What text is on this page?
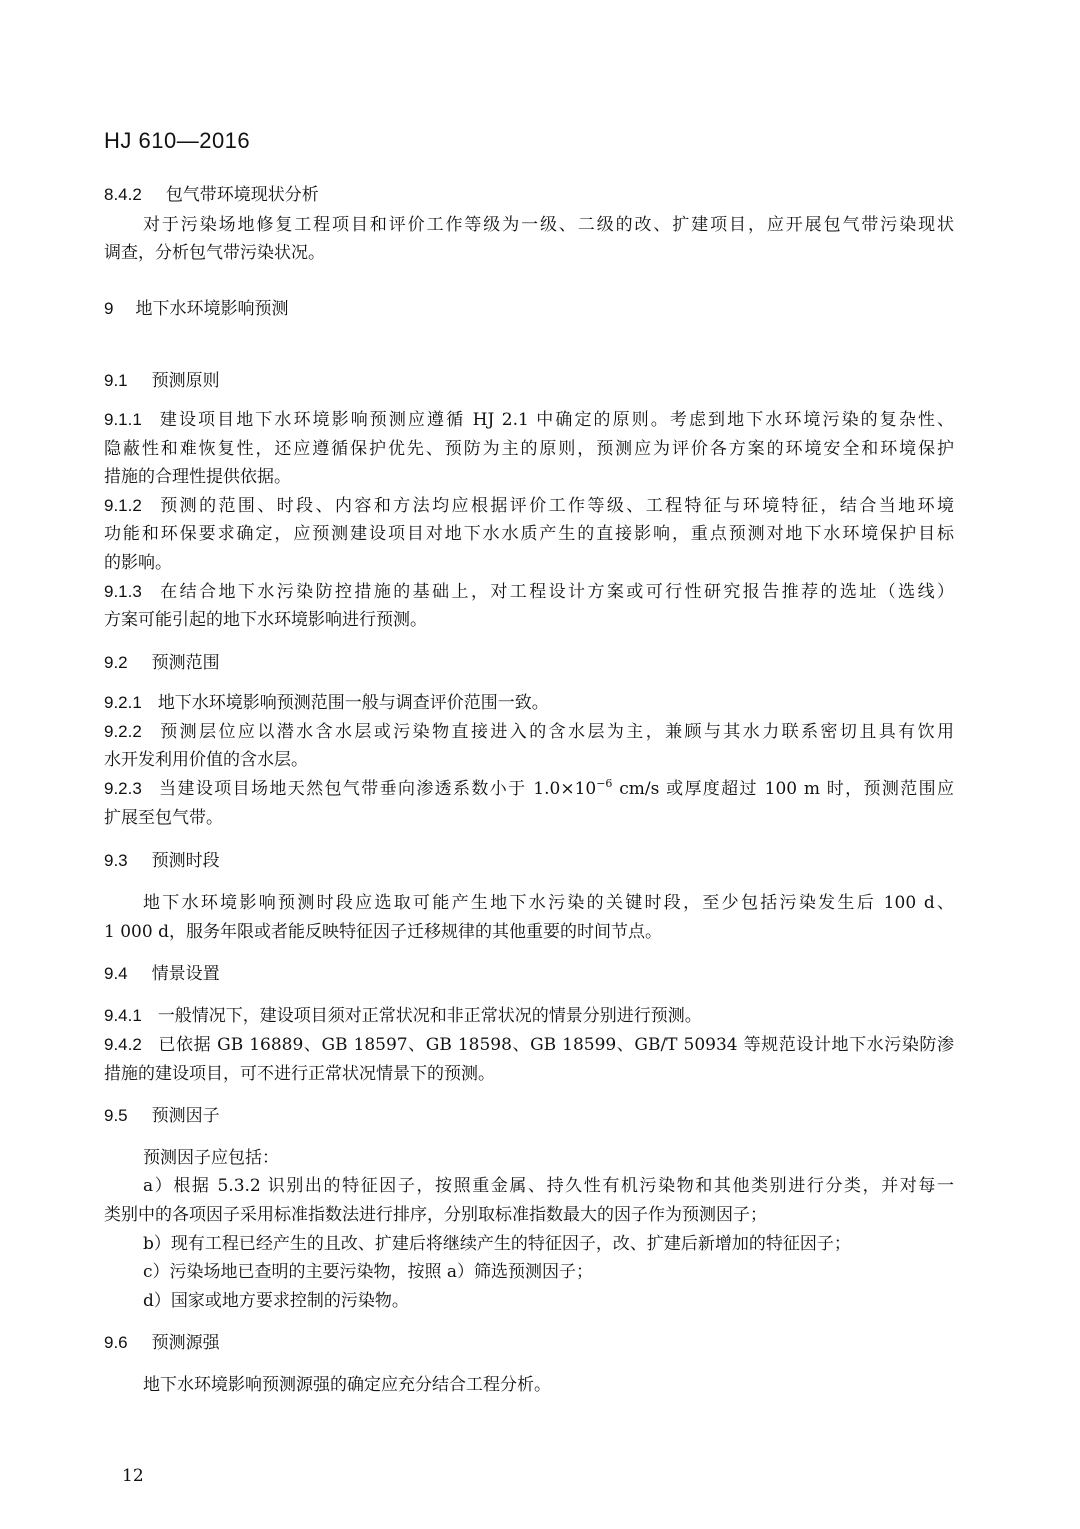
HJ 610—2016
8.4.2 包气带环境现状分析
对于污染场地修复工程项目和评价工作等级为一级、二级的改、扩建项目，应开展包气带污染现状
调查，分析包气带污染状况。
9 地下水环境影响预测
9.1 预测原则
9.1.1 建设项目地下水环境影响预测应遵循 HJ 2.1 中确定的原则。考虑到地下水环境污染的复杂性、
隐蔽性和难恢复性，还应遵循保护优先、预防为主的原则，预测应为评价各方案的环境安全和环境保护
措施的合理性提供依据。
9.1.2 预测的范围、时段、内容和方法均应根据评价工作等级、工程特征与环境特征，结合当地环境
功能和环保要求确定，应预测建设项目对地下水水质产生的直接影响，重点预测对地下水环境保护目标
的影响。
9.1.3 在结合地下水污染防控措施的基础上，对工程设计方案或可行性研究报告推荐的选址（选线）
方案可能引起的地下水环境影响进行预测。
9.2 预测范围
9.2.1 地下水环境影响预测范围一般与调查评价范围一致。
9.2.2 预测层位应以潜水含水层或污染物直接进入的含水层为主，兼顾与其水力联系密切且具有饮用
水开发利用价值的含水层。
9.2.3 当建设项目场地天然包气带垂向渗透系数小于 $1.0\times 10^{-6}$ cm/s 或厚度超过 100 m 时，预测范围应
扩展至包气带。
9.3 预测时段
地下水环境影响预测时段应选取可能产生地下水污染的关键时段，至少包括污染发生后 100 d、
1 000 d，服务年限或者能反映特征因子迁移规律的其他重要的时间节点。
9.4 情景设置
9.4.1 一般情况下，建设项目须对正常状况和非正常状况的情景分别进行预测。
9.4.2 已依据 GB 16889、GB 18597、GB 18598、GB 18599、GB/T 50934 等规范设计地下水污染防渗
措施的建设项目，可不进行正常状况情景下的预测。
9.5 预测因子
预测因子应包括：
a）根据 5.3.2 识别出的特征因子，按照重金属、持久性有机污染物和其他类别进行分类，并对每一
类别中的各项因子采用标准指数法进行排序，分别取标准指数最大的因子作为预测因子；
b）现有工程已经产生的且改、扩建后将继续产生的特征因子，改、扩建后新增加的特征因子；
c）污染场地已查明的主要污染物，按照 a）筛选预测因子；
d）国家或地方要求控制的污染物。
9.6 预测源强
地下水环境影响预测源强的确定应充分结合工程分析。
12
